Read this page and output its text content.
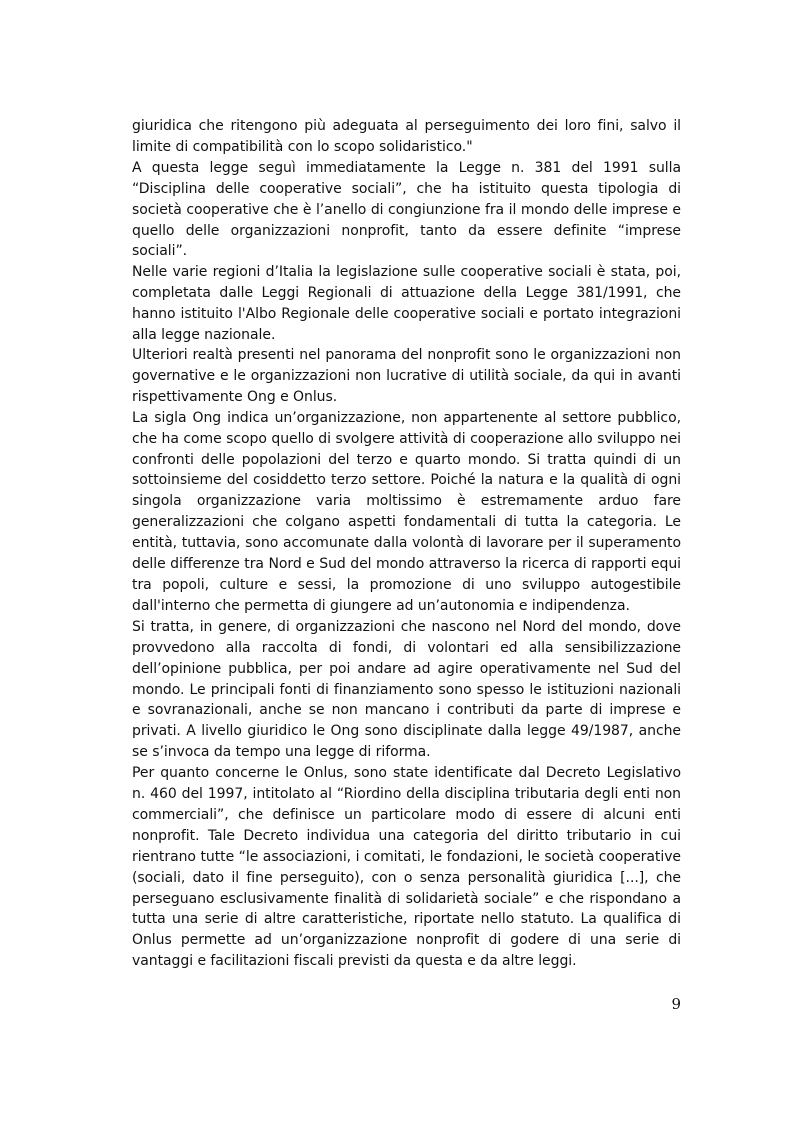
giuridica che ritengono più adeguata al perseguimento dei loro fini, salvo il limite di compatibilità con lo scopo solidaristico."

A questa legge seguì immediatamente la Legge n. 381 del 1991 sulla “Disciplina delle cooperative sociali”, che ha istituito questa tipologia di società cooperative che è l’anello di congiunzione fra il mondo delle imprese e quello delle organizzazioni nonprofit, tanto da essere definite “imprese sociali”.

Nelle varie regioni d’Italia la legislazione sulle cooperative sociali è stata, poi, completata dalle Leggi Regionali di attuazione della Legge 381/1991, che hanno istituito l'Albo Regionale delle cooperative sociali e portato integrazioni alla legge nazionale.

Ulteriori realtà presenti nel panorama del nonprofit sono le organizzazioni non governative e le organizzazioni non lucrative di utilità sociale, da qui in avanti rispettivamente Ong e Onlus.

La sigla Ong indica un’organizzazione, non appartenente al settore pubblico, che ha come scopo quello di svolgere attività di cooperazione allo sviluppo nei confronti delle popolazioni del terzo e quarto mondo. Si tratta quindi di un sottoinsieme del cosiddetto terzo settore. Poiché la natura e la qualità di ogni singola organizzazione varia moltissimo è estremamente arduo fare generalizzazioni che colgano aspetti fondamentali di tutta la categoria. Le entità, tuttavia, sono accomunate dalla volontà di lavorare per il superamento delle differenze tra Nord e Sud del mondo attraverso la ricerca di rapporti equi tra popoli, culture e sessi, la promozione di uno sviluppo autogestibile dall'interno che permetta di giungere ad un’autonomia e indipendenza.

Si tratta, in genere, di organizzazioni che nascono nel Nord del mondo, dove provvedono alla raccolta di fondi, di volontari ed alla sensibilizzazione dell’opinione pubblica, per poi andare ad agire operativamente nel Sud del mondo. Le principali fonti di finanziamento sono spesso le istituzioni nazionali e sovranazionali, anche se non mancano i contributi da parte di imprese e privati. A livello giuridico le Ong sono disciplinate dalla legge 49/1987, anche se s’invoca da tempo una legge di riforma.

Per quanto concerne le Onlus, sono state identificate dal Decreto Legislativo n. 460 del 1997, intitolato al “Riordino della disciplina tributaria degli enti non commerciali”, che definisce un particolare modo di essere di alcuni enti nonprofit. Tale Decreto individua una categoria del diritto tributario in cui rientrano tutte “le associazioni, i comitati, le fondazioni, le società cooperative (sociali, dato il fine perseguito), con o senza personalità giuridica [...], che perseguano esclusivamente finalità di solidarietà sociale” e che rispondano a tutta una serie di altre caratteristiche, riportate nello statuto. La qualifica di Onlus permette ad un’organizzazione nonprofit di godere di una serie di vantaggi e facilitazioni fiscali previsti da questa e da altre leggi.

9
